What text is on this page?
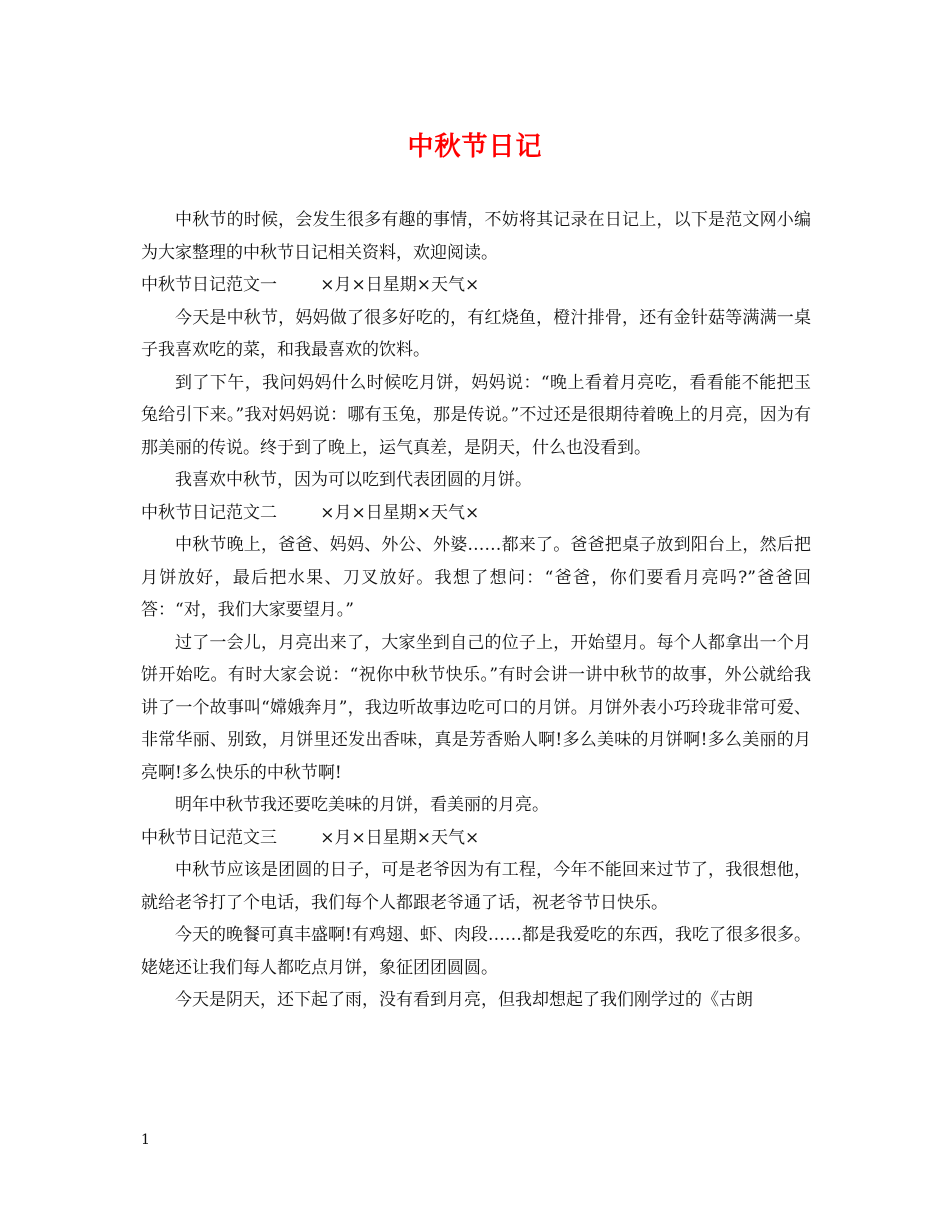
中秋节日记

中秋节的时候，会发生很多有趣的事情，不妨将其记录在日记上，以下是范文网小编为大家整理的中秋节日记相关资料，欢迎阅读。

中秋节日记范文一        ×月×日星期×天气×

今天是中秋节，妈妈做了很多好吃的，有红烧鱼，橙汁排骨，还有金针菇等满满一桌子我喜欢吃的菜，和我最喜欢的饮料。

到了下午，我问妈妈什么时候吃月饼，妈妈说：“晚上看着月亮吃，看看能不能把玉兔给引下来。”我对妈妈说：哪有玉兔，那是传说。”不过还是很期待着晚上的月亮，因为有那美丽的传说。终于到了晚上，运气真差，是阴天，什么也没看到。

我喜欢中秋节，因为可以吃到代表团圆的月饼。

中秋节日记范文二        ×月×日星期×天气×

中秋节晚上，爸爸、妈妈、外公、外婆……都来了。爸爸把桌子放到阳台上，然后把月饼放好，最后把水果、刀叉放好。我想了想问：“爸爸，你们要看月亮吗?”爸爸回答：“对，我们大家要望月。”

过了一会儿，月亮出来了，大家坐到自己的位子上，开始望月。每个人都拿出一个月饼开始吃。有时大家会说：“祝你中秋节快乐。”有时会讲一讲中秋节的故事，外公就给我讲了一个故事叫“嫦娥奔月”，我边听故事边吃可口的月饼。月饼外表小巧玲珑非常可爱、非常华丽、别致，月饼里还发出香味，真是芳香贻人啊!多么美味的月饼啊!多么美丽的月亮啊!多么快乐的中秋节啊!

明年中秋节我还要吃美味的月饼，看美丽的月亮。

中秋节日记范文三        ×月×日星期×天气×

中秋节应该是团圆的日子，可是老爷因为有工程，今年不能回来过节了，我很想他，就给老爷打了个电话，我们每个人都跟老爷通了话，祝老爷节日快乐。

今天的晚餐可真丰盛啊!有鸡翅、虾、肉段……都是我爱吃的东西，我吃了很多很多。姥姥还让我们每人都吃点月饼，象征团团圆圆。

今天是阴天，还下起了雨，没有看到月亮，但我却想起了我们刚学过的《古朗

1
